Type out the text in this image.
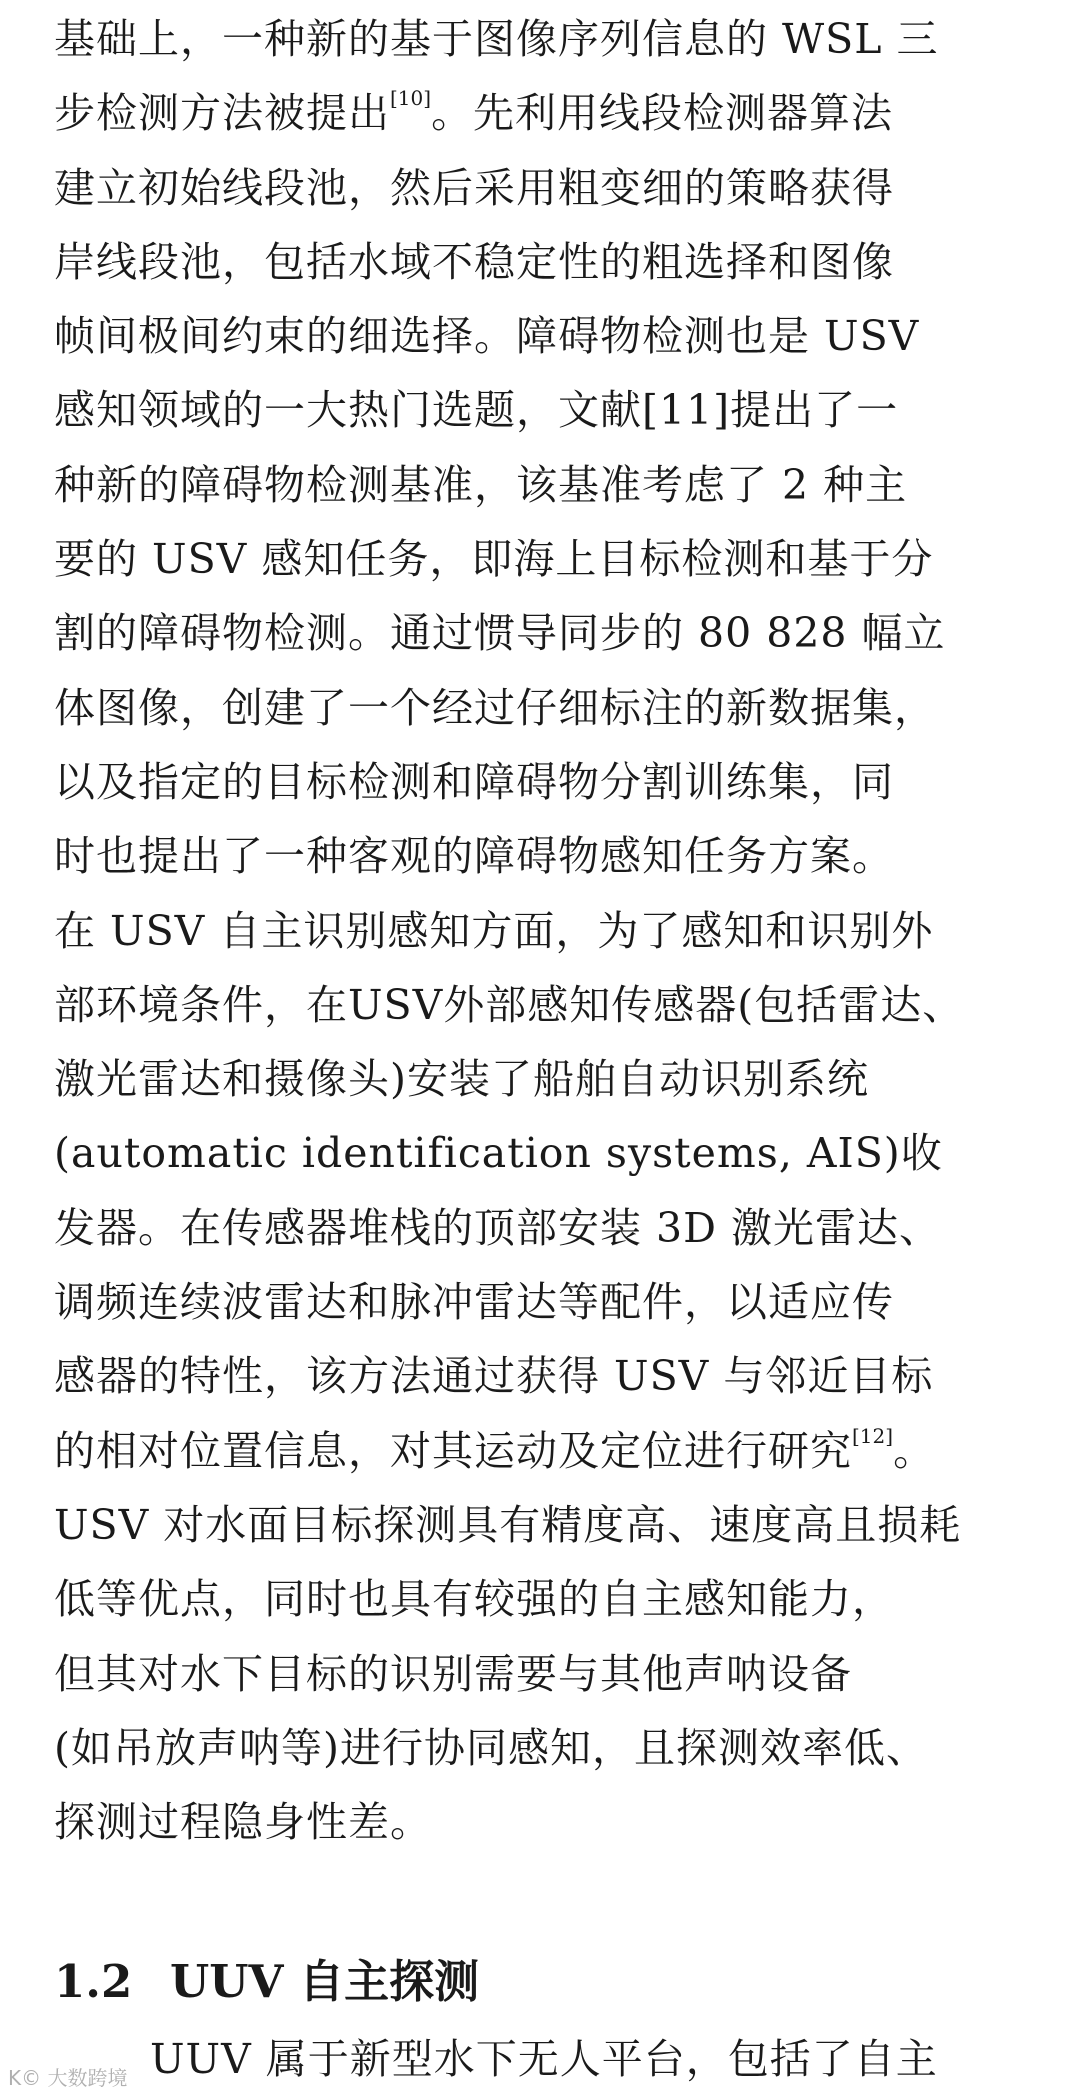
基础上，一种新的基于图像序列信息的 WSL 三
步检测方法被提出[10]。先利用线段检测器算法
建立初始线段池，然后采用粗变细的策略获得
岸线段池，包括水域不稳定性的粗选择和图像
帧间极间约束的细选择。障碍物检测也是 USV
感知领域的一大热门选题，文献[11]提出了一
种新的障碍物检测基准，该基准考虑了 2 种主
要的 USV 感知任务，即海上目标检测和基于分
割的障碍物检测。通过惯导同步的 80 828 幅立
体图像，创建了一个经过仔细标注的新数据集，
以及指定的目标检测和障碍物分割训练集，同
时也提出了一种客观的障碍物感知任务方案。
在 USV 自主识别感知方面，为了感知和识别外
部环境条件，在USV外部感知传感器(包括雷达、
激光雷达和摄像头)安装了船舶自动识别系统
(automatic identification systems, AIS)收
发器。在传感器堆栈的顶部安装 3D 激光雷达、
调频连续波雷达和脉冲雷达等配件，以适应传
感器的特性，该方法通过获得 USV 与邻近目标
的相对位置信息，对其运动及定位进行研究[12]。
USV 对水面目标探测具有精度高、速度高且损耗
低等优点，同时也具有较强的自主感知能力，
但其对水下目标的识别需要与其他声呐设备
(如吊放声呐等)进行协同感知，且探测效率低、
探测过程隐身性差。
1.2 UUV 自主探测
UUV 属于新型水下无人平台，包括了自主
K© 大数跨境
